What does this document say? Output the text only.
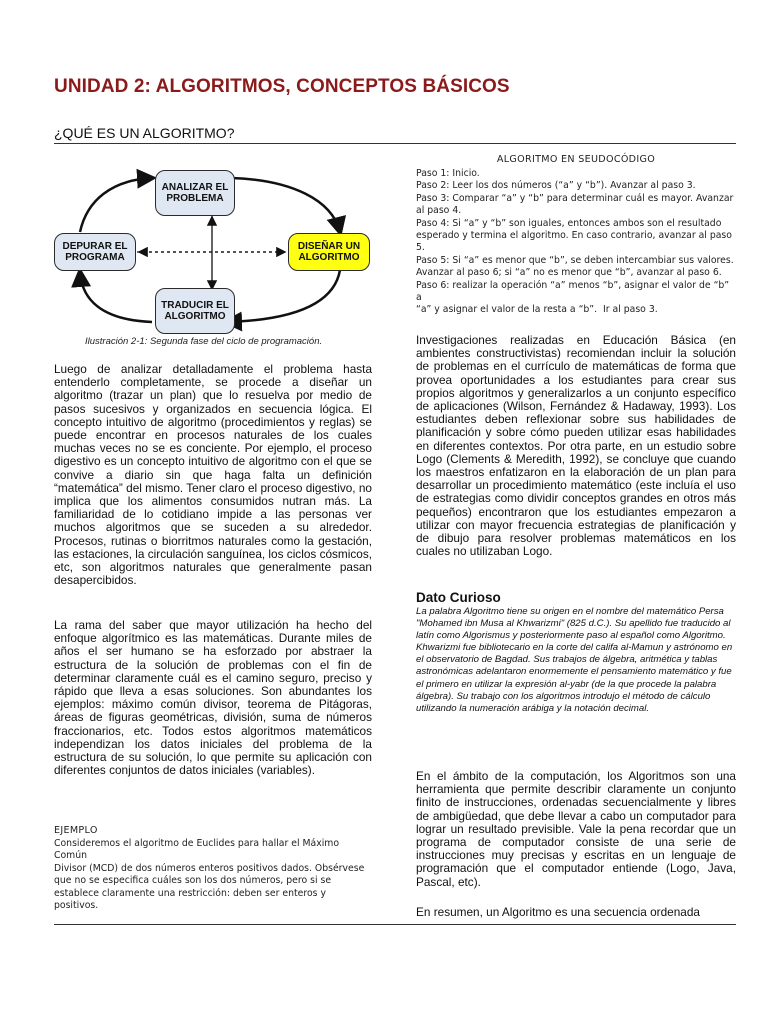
UNIDAD 2: ALGORITMOS, CONCEPTOS BÁSICOS
¿QUÉ ES UN ALGORITMO?
ANALIZAR EL PROBLEMA
DEPURAR EL PROGRAMA
DISEÑAR UN ALGORITMO
TRADUCIR EL ALGORITMO
Ilustración 2-1: Segunda fase del ciclo de programación.

Luego de analizar detalladamente el problema hasta entenderlo completamente, se procede a diseñar un algoritmo (trazar un plan) que lo resuelva por medio de pasos sucesivos y organizados en secuencia lógica. El concepto intuitivo de algoritmo (procedimientos y reglas) se puede encontrar en procesos naturales de los cuales muchas veces no se es conciente. Por ejemplo, el proceso digestivo es un concepto intuitivo de algoritmo con el que se convive a diario sin que haga falta un definición “matemática” del mismo. Tener claro el proceso digestivo, no implica que los alimentos consumidos nutran más. La familiaridad de lo cotidiano impide a las personas ver muchos algoritmos que se suceden a su alrededor. Procesos, rutinas o biorritmos naturales como la gestación, las estaciones, la circulación sanguínea, los ciclos cósmicos, etc, son algoritmos naturales que generalmente pasan desapercibidos.

La rama del saber que mayor utilización ha hecho del enfoque algorítmico es las matemáticas. Durante miles de años el ser humano se ha esforzado por abstraer la estructura de la solución de problemas con el fin de determinar claramente cuál es el camino seguro, preciso y rápido que lleva a esas soluciones. Son abundantes los ejemplos: máximo común divisor, teorema de Pitágoras, áreas de figuras geométricas, división, suma de números fraccionarios, etc. Todos estos algoritmos matemáticos independizan los datos iniciales del problema de la estructura de su solución, lo que permite su aplicación con diferentes conjuntos de datos iniciales (variables).

EJEMPLO
Consideremos el algoritmo de Euclides para hallar el Máximo Común
Divisor (MCD) de dos números enteros positivos dados. Obsérvese
que no se especifica cuáles son los dos números, pero si se
establece claramente una restricción: deben ser enteros y positivos.
ALGORITMO EN SEUDOCÓDIGO
Paso 1: Inicio.
Paso 2: Leer los dos números (“a” y “b”). Avanzar al paso 3.
Paso 3: Comparar “a” y “b” para determinar cuál es mayor. Avanzar
al paso 4.
Paso 4: Si “a” y “b” son iguales, entonces ambos son el resultado
esperado y termina el algoritmo. En caso contrario, avanzar al paso
5.
Paso 5: Si “a” es menor que “b”, se deben intercambiar sus valores.
Avanzar al paso 6; si “a” no es menor que “b”, avanzar al paso 6.
Paso 6: realizar la operación “a” menos “b”, asignar el valor de “b” a
“a” y asignar el valor de la resta a “b”.  Ir al paso 3.

Investigaciones realizadas en Educación Básica (en ambientes constructivistas) recomiendan incluir la solución de problemas en el currículo de matemáticas de forma que provea oportunidades a los estudiantes para crear sus propios algoritmos y generalizarlos a un conjunto específico de aplicaciones (Wilson, Fernández & Hadaway, 1993). Los estudiantes deben reflexionar sobre sus habilidades de planificación y sobre cómo pueden utilizar esas habilidades en diferentes contextos. Por otra parte, en un estudio sobre Logo (Clements & Meredith, 1992), se concluye que cuando los maestros enfatizaron en la elaboración de un plan para desarrollar un procedimiento matemático (este incluía el uso de estrategias como dividir conceptos grandes en otros más pequeños) encontraron que los estudiantes empezaron a utilizar con mayor frecuencia estrategias de planificación y de dibujo para resolver problemas matemáticos en los cuales no utilizaban Logo.

Dato Curioso

La palabra Algoritmo tiene su origen en el nombre del matemático Persa "Mohamed ibn Musa al Khwarizmi" (825 d.C.). Su apellido fue traducido al latín como Algorismus y posteriormente paso al español como Algoritmo. Khwarizmi fue bibliotecario en la corte del califa al-Mamun y astrónomo en el observatorio de Bagdad. Sus trabajos de álgebra, aritmética y tablas astronómicas adelantaron enormemente el pensamiento matemático y fue el primero en utilizar la expresión al-yabr (de la que procede la palabra álgebra). Su trabajo con los algoritmos introdujo el método de cálculo utilizando la numeración arábiga y la notación decimal.

En el ámbito de la computación, los Algoritmos son una herramienta que permite describir claramente un conjunto finito de instrucciones, ordenadas secuencialmente y libres de ambigüedad, que debe llevar a cabo un computador para lograr un resultado previsible. Vale la pena recordar que un programa de computador consiste de una serie de instrucciones muy precisas y escritas en un lenguaje de programación que el computador entiende (Logo, Java, Pascal, etc).

En resumen, un Algoritmo es una secuencia ordenada
